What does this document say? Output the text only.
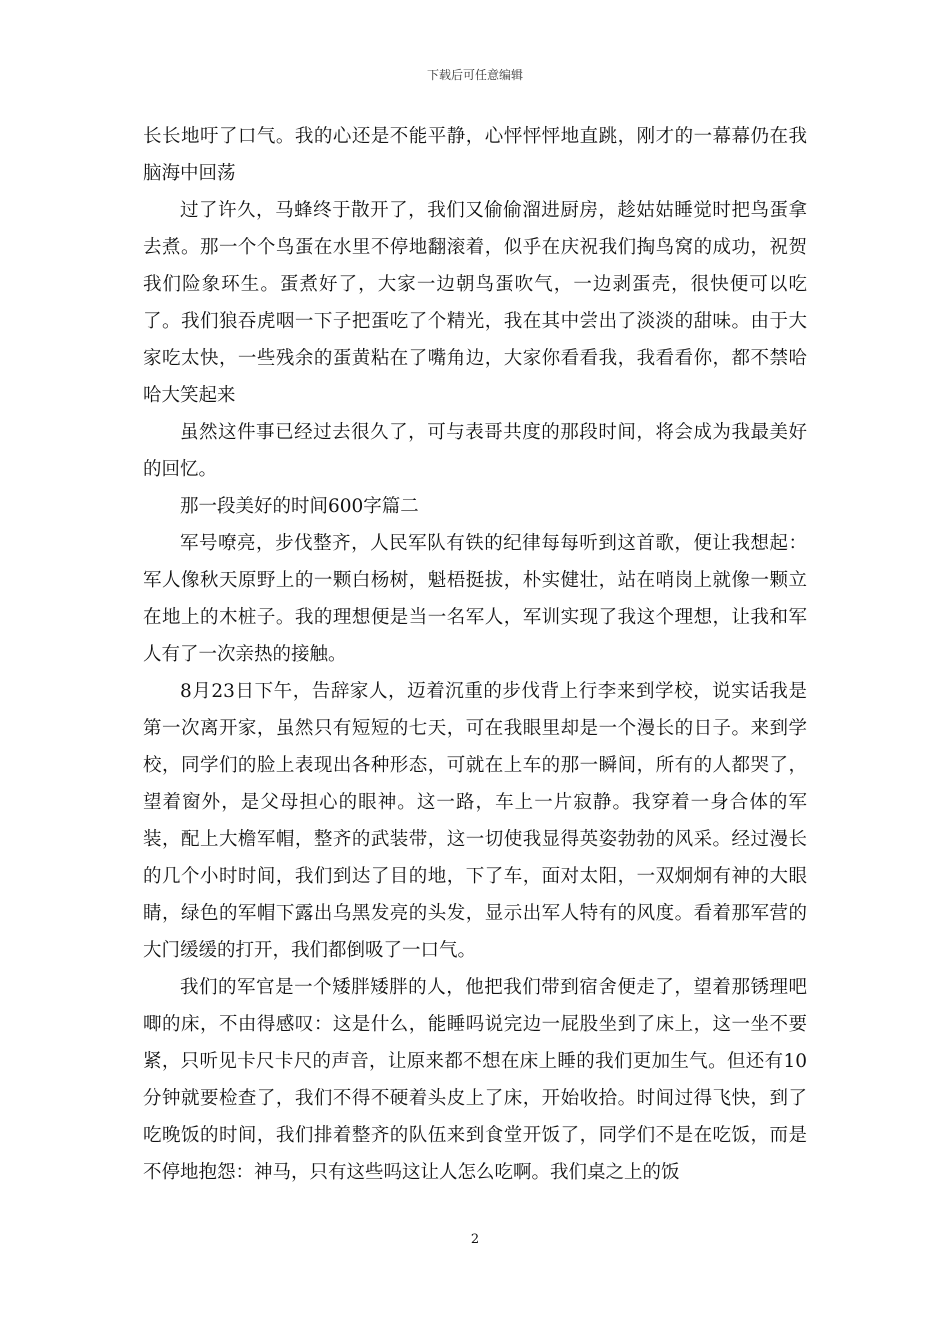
下载后可任意编辑

长长地吁了口气。我的心还是不能平静，心怦怦怦地直跳，刚才的一幕幕仍在我脑海中回荡

过了许久，马蜂终于散开了，我们又偷偷溜进厨房，趁姑姑睡觉时把鸟蛋拿去煮。那一个个鸟蛋在水里不停地翻滚着，似乎在庆祝我们掏鸟窝的成功，祝贺我们险象环生。蛋煮好了，大家一边朝鸟蛋吹气，一边剥蛋壳，很快便可以吃了。我们狼吞虎咽一下子把蛋吃了个精光，我在其中尝出了淡淡的甜味。由于大家吃太快，一些残余的蛋黄粘在了嘴角边，大家你看看我，我看看你，都不禁哈哈大笑起来

虽然这件事已经过去很久了，可与表哥共度的那段时间，将会成为我最美好的回忆。

那一段美好的时间600字篇二

军号嘹亮，步伐整齐，人民军队有铁的纪律每每听到这首歌，便让我想起：军人像秋天原野上的一颗白杨树，魁梧挺拔，朴实健壮，站在哨岗上就像一颗立在地上的木桩子。我的理想便是当一名军人，军训实现了我这个理想，让我和军人有了一次亲热的接触。

8月23日下午，告辞家人，迈着沉重的步伐背上行李来到学校，说实话我是第一次离开家，虽然只有短短的七天，可在我眼里却是一个漫长的日子。来到学校，同学们的脸上表现出各种形态，可就在上车的那一瞬间，所有的人都哭了，望着窗外，是父母担心的眼神。这一路，车上一片寂静。我穿着一身合体的军装，配上大檐军帽，整齐的武装带，这一切使我显得英姿勃勃的风采。经过漫长的几个小时时间，我们到达了目的地，下了车，面对太阳，一双炯炯有神的大眼睛，绿色的军帽下露出乌黑发亮的头发，显示出军人特有的风度。看着那军营的大门缓缓的打开，我们都倒吸了一口气。

我们的军官是一个矮胖矮胖的人，他把我们带到宿舍便走了，望着那锈理吧唧的床，不由得感叹：这是什么，能睡吗说完边一屁股坐到了床上，这一坐不要紧，只听见卡尺卡尺的声音，让原来都不想在床上睡的我们更加生气。但还有10分钟就要检查了，我们不得不硬着头皮上了床，开始收拾。时间过得飞快，到了吃晚饭的时间，我们排着整齐的队伍来到食堂开饭了，同学们不是在吃饭，而是不停地抱怨：神马，只有这些吗这让人怎么吃啊。我们桌之上的饭

2
